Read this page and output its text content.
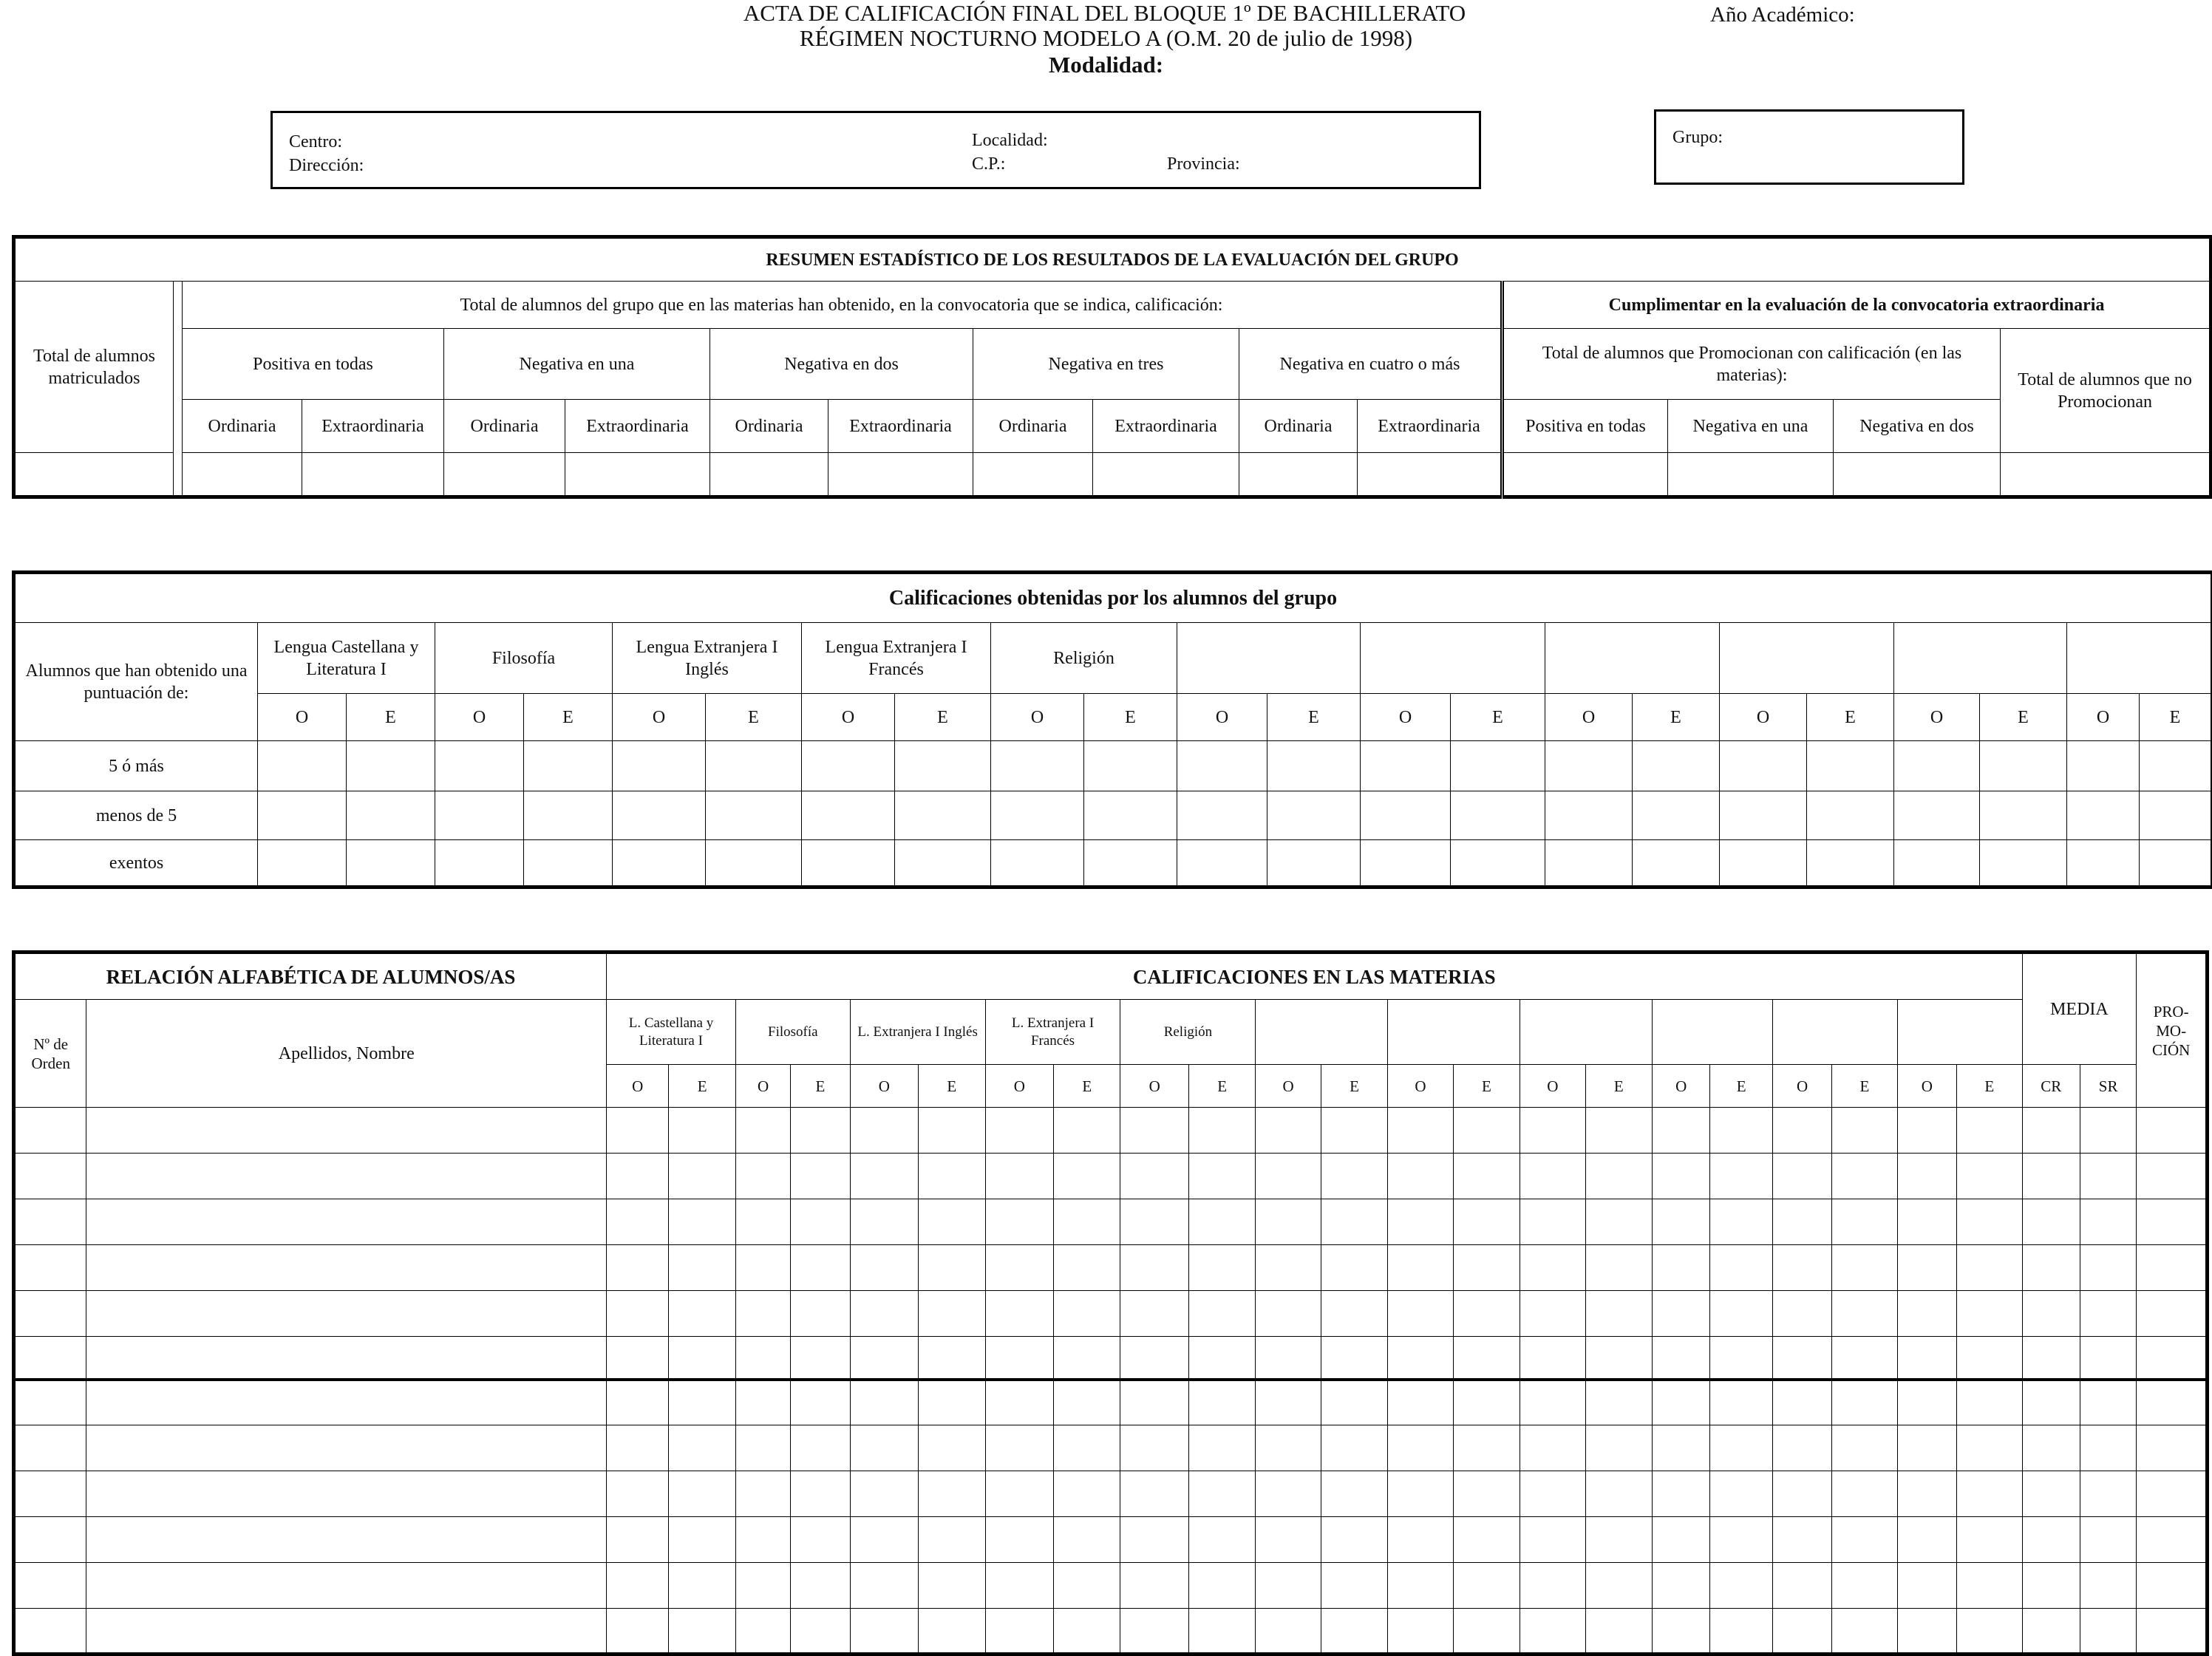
ACTA DE CALIFICACIÓN FINAL DEL BLOQUE 1º DE BACHILLERATO
RÉGIMEN NOCTURNO MODELO A (O.M. 20 de julio de 1998)
Modalidad:
Año Académico:
Centro:
Dirección:
Localidad:
C.P.:	Provincia:
Grupo:
RESUMEN ESTADÍSTICO DE LOS RESULTADOS DE LA EVALUACIÓN DEL GRUPO															
Total de alumnos matriculados		Total de alumnos del grupo que en las materias han obtenido, en la convocatoria que se indica, calificación:										Cumplimentar en la evaluación de la convocatoria extraordinaria			
		Positiva en todas		Negativa en una		Negativa en dos		Negativa en tres		Negativa en cuatro o más		Total de alumnos que Promocionan con calificación (en las materias):			Total de alumnos que no Promocionan
		Ordinaria	Extraordinaria	Ordinaria	Extraordinaria	Ordinaria	Extraordinaria	Ordinaria	Extraordinaria	Ordinaria	Extraordinaria	Positiva en todas	Negativa en una	Negativa en dos	

Calificaciones obtenidas por los alumnos del grupo																						
Alumnos que han obtenido una puntuación de:	Lengua Castellana y Literatura I		Filosofía		Lengua Extranjera I Inglés		Lengua Extranjera I Francés		Religión													
	O	E	O	E	O	E	O	E	O	E	O	E	O	E	O	E	O	E	O	E	O	E
5 ó más																						
menos de 5																						
exentos																						
RELACIÓN ALFABÉTICA DE ALUMNOS/AS		CALIFICACIONES EN LAS MATERIAS																						MEDIA		PRO- MO- CIÓN
Nº de Orden	Apellidos, Nombre	L. Castellana y Literatura I		Filosofía		L. Extranjera I Inglés		L. Extranjera I Francés		Religión																
		O	E	O	E	O	E	O	E	O	E	O	E	O	E	O	E	O	E	O	E	O	E	CR	SR	
